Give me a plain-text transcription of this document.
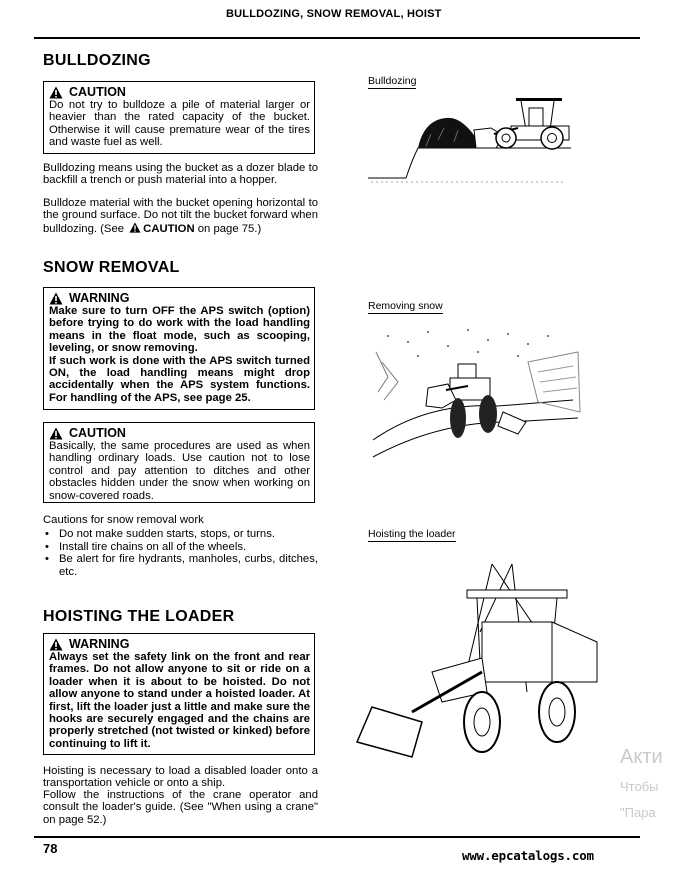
BULLDOZING, SNOW REMOVAL, HOIST
BULLDOZING
CAUTION
Do not try to bulldoze a pile of material larger or heavier than the rated capacity of the bucket. Otherwise it will cause premature wear of the tires and waste fuel as well.
Bulldozing means using the bucket as a dozer blade to backfill a trench or push material into a hopper.
Bulldoze material with the bucket opening horizontal to the ground surface. Do not tilt the bucket forward when bulldozing. (See CAUTION on page 75.)
Bulldozing
SNOW REMOVAL
WARNING
Make sure to turn OFF the APS switch (option) before trying to do work with the load handling means in the float mode, such as scooping, leveling, or snow removing.
If such work is done with the APS switch turned ON, the load handling means might drop accidentally when the APS system functions. For handling of the APS, see page 25.
CAUTION
Basically, the same procedures are used as when handling ordinary loads. Use caution not to lose control and pay attention to ditches and other obstacles hidden under the snow when working on snow-covered roads.
Cautions for snow removal work
• Do not make sudden starts, stops, or turns.
• Install tire chains on all of the wheels.
• Be alert for fire hydrants, manholes, curbs, ditches, etc.
Removing snow
HOISTING THE LOADER
WARNING
Always set the safety link on the front and rear frames. Do not allow anyone to sit or ride on a loader when it is about to be hoisted. Do not allow anyone to stand under a hoisted loader. At first, lift the loader just a little and make sure the hooks are securely engaged and the chains are properly stretched (not twisted or kinked) before continuing to lift it.
Hoisting is necessary to load a disabled loader onto a transportation vehicle or onto a ship.
Follow the instructions of the crane operator and consult the loader's guide. (See "When using a crane" on page 52.)
Hoisting the loader
78	www.epcatalogs.com
Акти
Чтобы
"Пара
